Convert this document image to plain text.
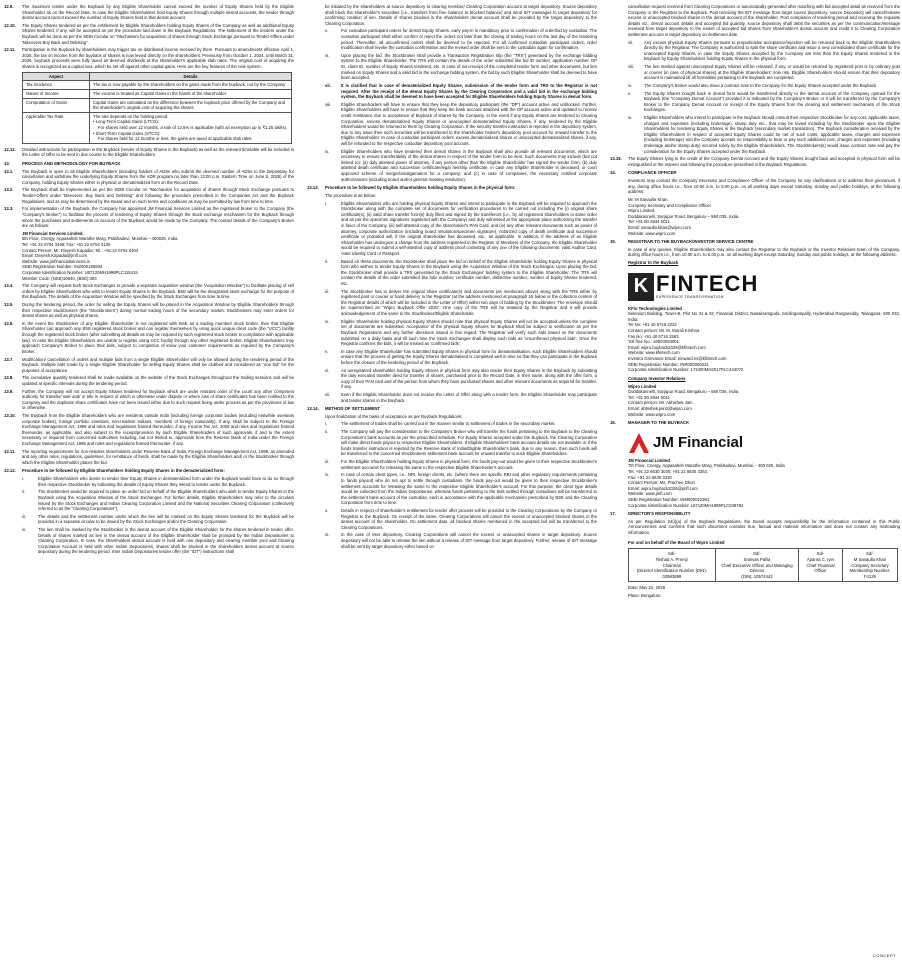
12.9.	The maximum tender under the Buyback by any Eligible Shareholder cannot exceed the number of Equity Shares held by the Eligible Shareholder as on the Record Date. In case the Eligible Shareholders hold Equity Shares through multiple demat accounts, the tender through demat account cannot exceed the number of Equity Shares held in that demat account.
12.10.	The Equity Shares tendered as per the entitlement by Eligible Shareholders holding Equity Shares of the Company as well as additional Equity Shares tendered, if any, will be accepted as per the procedure laid down in the Buyback Regulations. The settlement of the tenders under the Buyback will be done as per the SEBI Circular on “Mechanism for acquisition of shares through Stock Exchange pursuant to Tender-Offers under Takeovers Buy Back and Delisting”.
12.11.	Participation in the Buyback by shareholders may trigger tax on distributed income received by them. Pursuant to amendments effective April 1, 2026, the tax on income from the buyback of shares is now levied directly on the shareholders. Previously from October 1, 2024, until March 31, 2026, buyback proceeds were fully taxed as deemed dividends at the shareholder's applicable slab rates. The original cost of acquiring the shares is recognized as a capital loss, which be set off against other capital gains. Here are the key features of the new system:
Aspect	Details
Tax Incidence	The tax is now payable by the shareholders on the gains made from the buyback, not by the Company
Nature of Income	The income is treated as Capital Gains in the hands of the shareholder.
Computation of Gains	Capital Gains are calculated as the difference between the buyback price offered by the Company and the shareholder's original cost of acquiring the shares.
Applicable Tax Rate	The rate depends on the holding period:
• Long-Term Capital Gains (LTCG):
For shares held over 12 months, a rate of 12.5% is applicable (with an exemption up to ₹1.25 lakhs).
• Short-Term Capital Gains (STCG):
For shares held for 12 months or less, the gains are taxed at applicable slab rates
12.12.	Detailed instructions for participation in the Buyback (tender of Equity Shares in the Buyback) as well as the relevant timetable will be included in the Letter of Offer to be sent in due course to the Eligible Shareholders.
13.	PROCESS AND METHODOLOGY FOR BUYBACK
13.1.	The Buyback is open to all Eligible Shareholders (including holders of ADSs who submit the deemed number of ADSs to the Depositary for cancellation and withdraw the underlying Equity Shares from the ADR program no later than 12:00 p.m. Eastern Time on June 5, 2026) of the Company, holding Equity Shares either in physical or dematerialized form on the Record Date.
13.2.	The Buyback shall be implemented as per the SEBI Circular on “Mechanism for acquisition of shares through Stock Exchange pursuant to Tender-Offers under Takeovers, Buy Back and Delisting” and following the procedure prescribed in the Companies Act and the Buyback Regulations, and as may be determined by the Board and on such terms and conditions as may be permitted by law from time to time.
13.3.	For implementation of the Buyback, the Company has appointed JM Financial Services Limited as the registered broker to the Company (the “Company's Broker”) to facilitate the process of tendering of Equity Shares through the stock exchange mechanism for the Buyback through whom the purchases and settlements on account of the Buyback would be made by the Company. The contact details of the Company's Broker are as follows:
JM Financial Services Limited,
5th Floor, Cnergy, Appasaheb Marathe Marg, Prabhadevi, Mumbai – 400025, India
Tel: +91 22 6704 3458; Fax: +91 22 6704 3136
Contact Person: Mr. Divyesh Kapadia; Tel.: +91 22 6704 0404
Email: Divyesh.Kapadia@jmfl.com
Website: www.jmfinancialservices.in
SEBI Registration Number: INZ000195834
Corporate Identification Number: U67120MH1998PLC115415
Member Code: (NSE)10840, (BSE):393
13.4.	The Company will request both Stock Exchanges to provide a separate acquisition window (the “Acquisition Window”) to facilitate placing of sell orders by Eligible Shareholders who wish to tender Equity Shares in the Buyback. BSE will be the designated stock exchange for the purpose of this Buyback. The details of the Acquisition Window will be specified by the Stock Exchanges from time to time.
13.5.	During the tendering period, the order for selling the Equity Shares will be placed in the Acquisition Window by Eligible Shareholders through their respective stockbrokers (the “Stockbrokers”) during normal trading hours of the secondary market. Stockbrokers may enter orders for demat shares as well as physical shares.
13.6.	In the event the Stockbroker of any Eligible Shareholder is not registered with BSE as a trading member/ stock broker, then that Eligible Shareholder can approach any BSE registered stock broker and can register themselves by using quick unique client code (the “UCC”) facility through the registered stock broker (after submitting all details as may be required by such registered stock broker in compliance with applicable law). In case the Eligible Shareholders are unable to register using UCC facility through any other registered broker, Eligible Shareholders may approach Company's Broker to place their bids, subject to completion of know your customer requirements as required by the Company's Broker.
13.7.	Modification/ cancellation of orders and multiple bids from a single Eligible Shareholder will only be allowed during the tendering period of the Buyback. Multiple bids made by a single Eligible Shareholder for selling Equity Shares shall be clubbed and considered as “one bid” for the purposes of acceptance.
13.8.	The cumulative quantity tendered shall be made available on the website of the Stock Exchanges throughout the trading sessions and will be updated at specific intervals during the tendering period.
13.9.	Further, the Company will not accept Equity Shares tendered for Buyback which are under restraint order of the court/ any other competent authority for transfer/ sale and/ or title in respect of which is otherwise under dispute or where loss of share certificates has been notified to the Company and the duplicate share certificates have not been issued either due to such request being under process as per the provisions of law or otherwise.
13.10.	The Buyback from the Eligible Shareholders who are residents outside India (including foreign corporate bodies (including erstwhile overseas corporate bodies), foreign portfolio investors, non-resident Indians, members of foreign nationality), if any, shall be subject to the Foreign Exchange Management Act, 1999 and rules and regulations framed thereunder, if any, Income Tax Act, 2025 and rules and regulations framed thereunder, as applicable, and also subject to the receipt/provision by such Eligible Shareholders of such approvals, if and to the extent necessary or required from concerned authorities including, but not limited to, approvals from the Reserve Bank of India under the Foreign Exchange Management Act, 1999 and rules and regulations framed thereunder, if any.
13.11.	The reporting requirements for non-resident shareholders under Reserve Bank of India, Foreign Exchange Management Act, 1999, as amended and any other rules, regulations, guidelines, for remittance of funds, shall be made by the Eligible Shareholders and/ or the Stockbroker through which the Eligible Shareholder places the bid.
13.12.	Procedure to be followed by Eligible Shareholders holding Equity Shares in the dematerialized form:
i.	Eligible Shareholders who desire to tender their Equity Shares in dematerialized form under the Buyback would have to do so through their respective Stockbroker by indicating the details of Equity Shares they intend to tender under the Buyback.
ii.	The Stockbroker would be required to place an order/ bid on behalf of the Eligible Shareholders who wish to tender Equity Shares in the Buyback using the Acquisition Window of the Stock Exchanges. For further details, Eligible Shareholders may refer to the circulars issued by the Stock Exchanges and Indian Clearing Corporation Limited and the National Securities Clearing Corporation (collectively referred to as the “Clearing Corporations”).
iii.	The details and the settlement number under which the lien will be marked on the Equity Shares tendered for the Buyback will be provided in a separate circular to be issued by the Stock Exchanges and/or the Clearing Corporation.
iv.	The lien shall be marked by the Stockbroker in the demat account of the Eligible Shareholder for the shares tendered in tender offer. Details of shares marked as lien in the demat account of the Eligible Shareholder shall be provided by the Indian Depositories to Clearing Corporation. In case, the shareholders demat account is held with one depository and clearing member pool and Clearing Corporation Account is held with other Indian Depositories, shares shall be blocked in the shareholders demat account at source depository during the tendering period. Inter Indian Depositories tender offer (the “IDT”) instructions shall
be initiated by the shareholders at source depository to clearing member/ Clearing Corporation account at target depository. Source depository shall block the shareholder's securities (i.e., transfers from free balance to blocked balance) and send IDT messages to target depository for confirming creation of lien. Details of shares blocked in the shareholders demat account shall be provided by the target depository to the Clearing Corporation.
v.	For custodian participant orders for demat Equity Shares, early pay-in is mandatory prior to confirmation of order/bid by custodian. The custodian participant shall either confirm or reject the orders not later than the closing of trading hours on the last day of the tendering period. Thereafter, all unconfirmed orders shall be deemed to be rejected. For all confirmed custodian participant orders, order modification shall revoke the custodian confirmation and the revised order shall be sent to the custodian again for confirmation.
vi.	Upon placing the bid, the Stockbroker shall provide a Transaction Registration Slip (the “TRS”) generated by the exchange bidding system to the Eligible Shareholder. The TRS will contain the details of the order submitted like bid ID number, application number, DP ID, client ID, number of Equity Shares tendered, etc. In case of non-receipt of the completed tender form and other documents, but lien marked on Equity Shares and a valid bid in the exchange bidding system, the bid by such Eligible Shareholder shall be deemed to have been accepted.
vii.	It is clarified that in case of dematerialized Equity Shares, submission of the tender form and TRS to the Registrar is not required. After the receipt of the demat Equity Shares by the Clearing Corporation and a valid bid in the exchange bidding system, the Buyback shall be deemed to have been accepted for Eligible Shareholders holding Equity Shares in demat form.
viii.	Eligible Shareholders will have to ensure that they keep the depository participant (the “DP”) account active and unblocked. Further, Eligible Shareholders will have to ensure that they keep the bank account attached with the DP account active and updated to receive credit remittance due to acceptance of Buyback of shares by the Company. In the event if any Equity Shares are tendered to Clearing Corporation, excess dematerialized Equity Shares or unaccepted dematerialized Equity Shares, if any, tendered by the Eligible Shareholders would be returned to them by Clearing Corporation. If the security transfer instruction is rejected in the depository system, due to any issue then such securities will be transferred to the shareholder broker's depository pool account for onward transfer to the Eligible Shareholder. In case of custodian participant orders, excess dematerialized shares or unaccepted dematerialized shares, if any, will be refunded to the respective custodian depository pool account.
ix.	Eligible Shareholders who have tendered their demat shares in the Buyback shall also provide all relevant documents, which are necessary to ensure transferability of the demat shares in respect of the tender form to be sent. Such documents may include (but not limited to): (a) duly attested power of attorney, if any person other than the Eligible Shareholder has signed the tender form; (b) duly attested death certificate and succession certificate/legal heirship certificate, in case any Eligible Shareholder is deceased, or court approved scheme of merger/amalgamation for a company; and (c) in case of companies, the necessary certified corporate authorizations (including board and/or general meeting resolution).
13.13.	Procedure to be followed by Eligible Shareholders holding Equity Shares in the physical form:
The procedure is as below:
i.	Eligible Shareholders who are holding physical Equity Shares and intend to participate in the Buyback will be required to approach the Stockbroker along with the complete set of documents for verification procedures to be carried out including the (i) original share certificate(s), (ii) valid share transfer form(s) duly filled and signed by the transferors (i.e., by all registered shareholders in same order and as per the specimen signatures registered with the Company) and duly witnessed at the appropriate place authorizing the transfer in favor of the Company, (iii) self-attested copy of the shareholder's PAN Card, and (iv) any other relevant documents such as power of attorney, corporate authorization (including board resolution/specimen signature), notarized copy of death certificate and succession certificate or probated will, if the original shareholder has deceased, etc., as applicable. In addition, if the address of an Eligible Shareholder has undergone a change from the address registered in the Register of Members of the Company, the Eligible Shareholder would be required to submit a self-attested copy of address proof consisting of any one of the following documents: valid Aadhar Card, Voter Identity Card or Passport.
ii.	Based on these documents, the Stockbroker shall place the bid on behalf of the Eligible Shareholder holding Equity Shares in physical form who wishes to tender Equity Shares in the Buyback using the Acquisition Window of the Stock Exchanges. Upon placing the bid, the Stockbroker shall provide a TRS generated by the Stock Exchanges' bidding system to the Eligible Shareholder. The TRS will contain the details of the order submitted like folio number, certificate number, distinctive number, number of Equity Shares tendered, etc.
iii.	The Stockbroker has to deliver the original share certificate(s) and documents (as mentioned above) along with the TRS either by registered post or courier or hand delivery to the Registrar (at the address mentioned at paragraph 15 below or the collection centers of the Registrar details of which will be included in the Letter of Offer) within two days of bidding by the Stockbroker. The envelope should be superscribed as “Wipro Buyback Offer 2026”. One copy of the TRS will be retained by the Registrar and it will provide acknowledgement of the same to the Stockbroker/Eligible Shareholder.
iv.	Eligible Shareholder holding physical Equity Shares should note that physical Equity Shares will not be accepted unless the complete set of documents are submitted. Acceptance of the physical Equity Shares for Buyback shall be subject to verification as per the Buyback Regulations and any further directions issued in this regard. The Registrar will verify such bids based on the documents submitted on a daily basis and till such time the Stock Exchanges shall display such bids as ‘unconfirmed physical bids’. Once the Registrar confirms the bids, it will be treated as ‘confirmed bids’.
v.	In case any Eligible Shareholder has submitted Equity Shares in physical form for dematerialisation, such Eligible Shareholders should ensure that the process of getting the Equity Shares dematerialised is completed well in time so that they can participate in the Buyback before the closure of the tendering period of the Buyback.
vi.	An unregistered shareholder holding Equity Shares in physical form may also tender their Equity Shares in the Buyback by submitting the duly executed transfer deed for transfer of shares, purchased prior to the Record Date, in their name, along with the offer form, a copy of their PAN card and of the person from whom they have purchased shares and other relevant documents as required for transfer, if any.
vii.	Even if the Eligible Shareholder does not receive the Letter of Offer along with a tender form, the Eligible Shareholder may participate and tender shares in the Buyback.
13.14.	METHOD OF SETTLEMENT
Upon finalization of the basis of acceptance as per Buyback Regulations:
i.	The settlement of trades shall be carried out in the manner similar to settlement of trades in the secondary market.
ii.	The Company will pay the consideration to the Company's Broker who will transfer the funds pertaining to the Buyback to the Clearing Corporation's bank accounts as per the prescribed schedule. For Equity Shares accepted under the Buyback, the Clearing Corporation will make direct funds payout to respective Eligible Shareholders. If Eligible Shareholders' bank account details are not available or if the funds transfer instruction is rejected by the Reserve Bank of India/Eligible Shareholder's bank, due to any reason, then such funds will be transferred to the concerned Stockbrokers settlement bank account for onward transfer to such Eligible Shareholders.
iii.	For the Eligible Shareholders holding Equity Shares in physical form, the funds pay-out would be given to their respective Stockbroker's settlement accounts for releasing the same to the respective Eligible Shareholder's account.
iv.	In case of certain client types, i.e., NRI, foreign clients, etc. (where there are specific RBI and other regulatory requirements pertaining to funds payout) who do not opt to settle through custodians, the funds pay-out would be given to their respective Stockbroker's settlement accounts for releasing the same to the respective Eligible Shareholder's account. For this purpose, the client type details would be collected from the Indian Depositories, whereas funds pertaining to the bids settled through custodians will be transferred to the settlement bank account of the custodian, each in accordance with the applicable mechanism prescribed by BSE and the Clearing Corporation from time to time.
v.	Details in respect of shareholder's entitlement for tender offer process will be provided to the Clearing Corporations by the Company or Registrar to the Buyback. On receipt of the same, Clearing Corporations will cancel the excess or unaccepted blocked shares in the demat account of the shareholder. On settlement date, all blocked shares mentioned in the accepted bid will be transferred to the Clearing Corporations.
vi.	In the case of inter depository, Clearing Corporations will cancel the excess or unaccepted shares in target depository. Source depository will not be able to release the lien without a release of IDT message from target depository. Further, release of IDT message shall be sent by target depository either based on
cancellation request received from Clearing Corporations or automatically generated after matching with bid accepted detail as received from the Company or the Registrar to the Buyback. Post receiving the IDT message from target source depository, source Depository will cancel/release excess or unaccepted blocked shares in the demat account of the shareholder. Post completion of tendering period and receiving the requisite details viz., demat account details and accepted bid quantity, source depository shall debit the securities as per the communication/message received from target depository to the extent of accepted bid shares from shareholder's demat account and credit it to Clearing Corporation settlement account in target depository on settlement date.
vii.	Any excess physical Equity Shares pursuant to proportionate acceptance/rejection will be returned back to the Eligible Shareholders directly by the Registrar. The Company is authorized to split the share certificate and issue a new consolidated share certificate for the unaccepted Equity Shares, in case the Equity Shares accepted by the Company are less than the Equity Shares tendered in the Buyback by Equity Shareholders holding Equity Shares in the physical form.
viii.	The lien marked against unaccepted Equity Shares will be released, if any, or would be returned by registered post or by ordinary post or courier (in case of physical shares) at the Eligible Shareholders' sole risk. Eligible Shareholders should ensure that their depository account is maintained till all formalities pertaining to the Buyback are completed.
ix.	The Company's Broker would also issue a contract note to the Company for the Equity Shares accepted under the Buyback.
x.	The Equity Shares bought back in demat form would be transferred directly to the demat account of the Company opened for the Buyback (the “Company Demat Account”) provided it is indicated by the Company's Broker or it will be transferred by the Company's Broker to the Company Demat Account on receipt of the Equity Shares from the clearing and settlement mechanism of the Stock Exchanges.
xi.	Eligible Shareholders who intend to participate in the Buyback should consult their respective Stockbroker for any cost, applicable taxes, charges and expenses (including brokerage), stamp duty etc., that may be levied including by the Stockbroker upon the Eligible Shareholders for tendering Equity Shares in the Buyback (secondary market transaction). The Buyback consideration received by the Eligible Shareholders in respect of accepted Equity Shares could be net of such costs, applicable taxes, charges and expenses (including brokerage) and the Company accepts no responsibility to bear or pay such additional cost, charges and expenses (including brokerage and/or stamp duty) incurred solely by the Eligible Shareholders. The Stockbrokers(s) would issue contract note and pay the consideration for the Equity Shares accepted under the Buyback.
13.15.	The Equity Shares lying to the credit of the Company Demat Account and the Equity Shares bought back and accepted in physical form will be extinguished in the manner and following the procedure prescribed in the Buyback Regulations.
14.	COMPLIANCE OFFICER
Investors may contact the Company Secretary and Compliance Officer of the Company for any clarifications or to address their grievances, if any, during office hours i.e., from 10.00 a.m. to 5.00 p.m. on all working days except Saturday, Sunday and public holidays, at the following address:
Mr. M Sanaulla Khan
Company Secretary and Compliance Officer
Wipro Limited,
Doddakannelli, Sarjapur Road, Bengaluru – 560 035, India.
Tel: +91 80 2844 0011
Email: sanaulla.khan@wipro.com
Website: www.wipro.com
15.	REGISTRAR TO THE BUYBACK/INVESTOR SERVICE CENTRE
In case of any queries, Eligible Shareholders may also contact the Registrar to the Buyback or the Investor Relations team of the Company, during office hours i.e., from 10.00 a.m. to 5.00 p.m. on all working days except Saturday, Sunday and public holidays, at the following address:
Registrar to the Buyback
K FINTECH
EXPERIENCE TRANSFORMATION
KFin Technologies Limited
Selenium Building, Tower-B, Plot No 31 & 32, Financial District, Nanakramguda, Serilingampally, Hyderabad Rangareddy, Telangana- 500 032, India.
Tel No: +91 40 6716 2222
Contact person: Mr. M. Murali Krishna
Fax No: +91 40 6716 1563
Toll free No.: 18003094001
Email: wipro.buyback2026@kfintech.com
Website: www.kfintech.com
Investor Grievance Email: einward.ris@kfintech.com
SEBI Registration Number: INR000000221
Corporate Identification Number: L72400MH2017PLC444072
Company Investor Relations
Wipro Limited
Doddakannelli, Sarjapur Road, Bengaluru – 560 035, India.
Tel: +91 80 2844 0011
Contact person: Mr. Abhishek Jain
Email: abhishek.jain2@wipro.com
Website: www.wipro.com
16.	MANAGER TO THE BUYBACK
JM Financial
JM Financial Limited
7th Floor, Cnergy, Appasaheb Marathe Marg, Prabhadevi, Mumbai, - 400 025, India
Tel: +91 22 6630 3030; +91 22 6630 3262;
Fax: +91 22 6630 3330
Contact Person: Ms. Prachee Dhuri
Email: wipro.buyback2026@jmfl.com
Website: www.jmfl.com
SEBI Registration Number: INM000010361
Corporate Identification Number: L67120MH1986PLC038784
17.	DIRECTOR'S RESPONSIBILITY
As per Regulation 24(i)(a) of the Buyback Regulations, the Board accepts responsibility for the information contained in this Public Announcement and confirms that such document contains true, factual and material information and does not contain any misleading information.
For and on behalf of the Board of Wipro Limited
Sd/-
Rishad A. Premji
Chairman
(Director Identification Number (DIN): 02983899

Sd/-
Srinivas Pallia
Chief Executive Officer and Managing Director
(DIN): 10574442

Sd/-
Aparna C. Iyer
Chief Financial Officer

Sd/-
M Sanaulla Khan
Company Secretary
Membership Number: F4129
Date: May 22, 2026
Place: Bengaluru
CONCEPT
